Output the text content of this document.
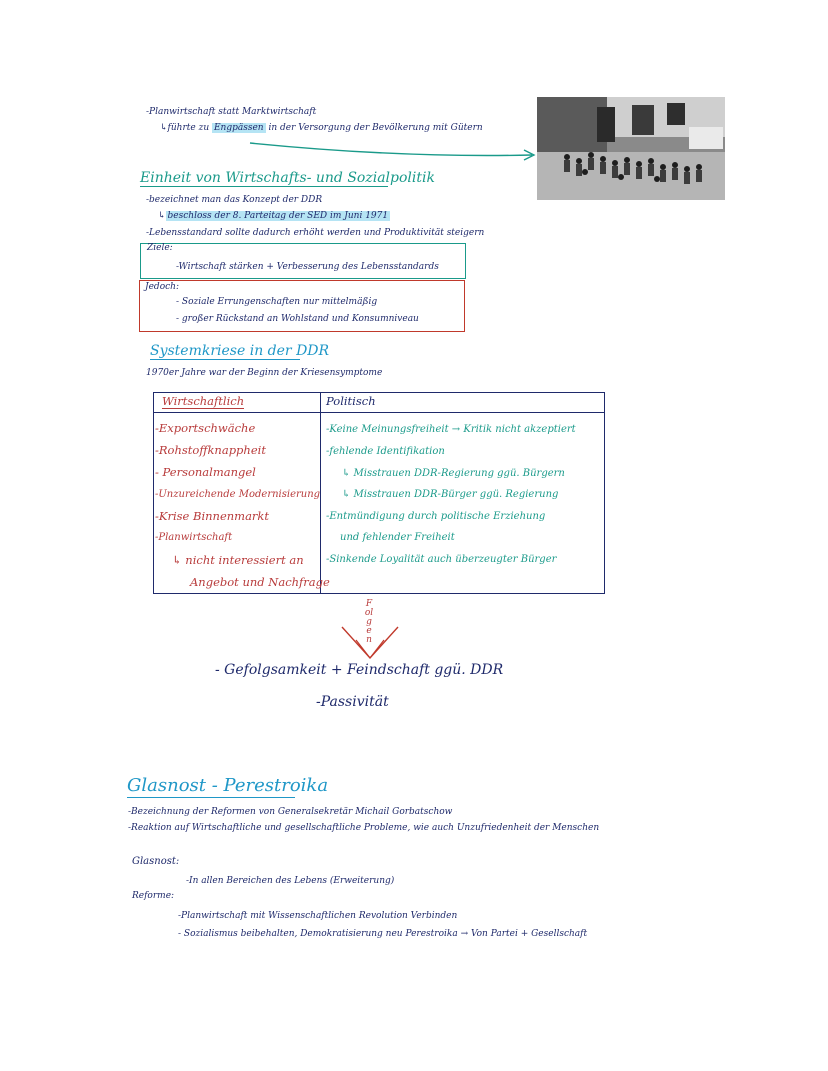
-Planwirtschaft statt Marktwirtschaft
↳führte zu Engpässen in der Versorgung der Bevölkerung mit Gütern
Einheit von Wirtschafts- und Sozialpolitik
-bezeichnet man das Konzept der DDR
↳ beschloss der 8. Parteitag der SED im Juni 1971
-Lebensstandard sollte dadurch erhöht werden und Produktivität steigern
Ziele:
-Wirtschaft stärken + Verbesserung des Lebensstandards
Jedoch:
- Soziale Errungenschaften nur mittelmäßig
- großer Rückstand an Wohlstand und Konsumniveau
Systemkriese in der DDR
1970er Jahre war der Beginn der Kriesensymptome
Wirtschaftlich	Politisch
-Exportschwäche
-Rohstoffknappheit
- Personalmangel
-Unzureichende Modernisierung
-Krise Binnenmarkt
-Planwirtschaft
↳ nicht interessiert an
Angebot und Nachfrage
-Keine Meinungsfreiheit → Kritik nicht akzeptiert
-fehlende Identifikation
↳ Misstrauen DDR-Regierung ggü. Bürgern
↳ Misstrauen DDR-Bürger ggü. Regierung
-Entmündigung durch politische Erziehung
und fehlender Freiheit
-Sinkende Loyalität auch überzeugter Bürger
Folgen
- Gefolgsamkeit + Feindschaft ggü. DDR
-Passivität
Glasnost - Perestroika
-Bezeichnung der Reformen von Generalsekretär Michail Gorbatschow
-Reaktion auf Wirtschaftliche und gesellschaftliche Probleme, wie auch Unzufriedenheit der Menschen
Glasnost:
-In allen Bereichen des Lebens (Erweiterung)
Reforme:
-Planwirtschaft mit Wissenschaftlichen Revolution Verbinden
- Sozialismus beibehalten, Demokratisierung neu Perestroika → Von Partei + Gesellschaft
